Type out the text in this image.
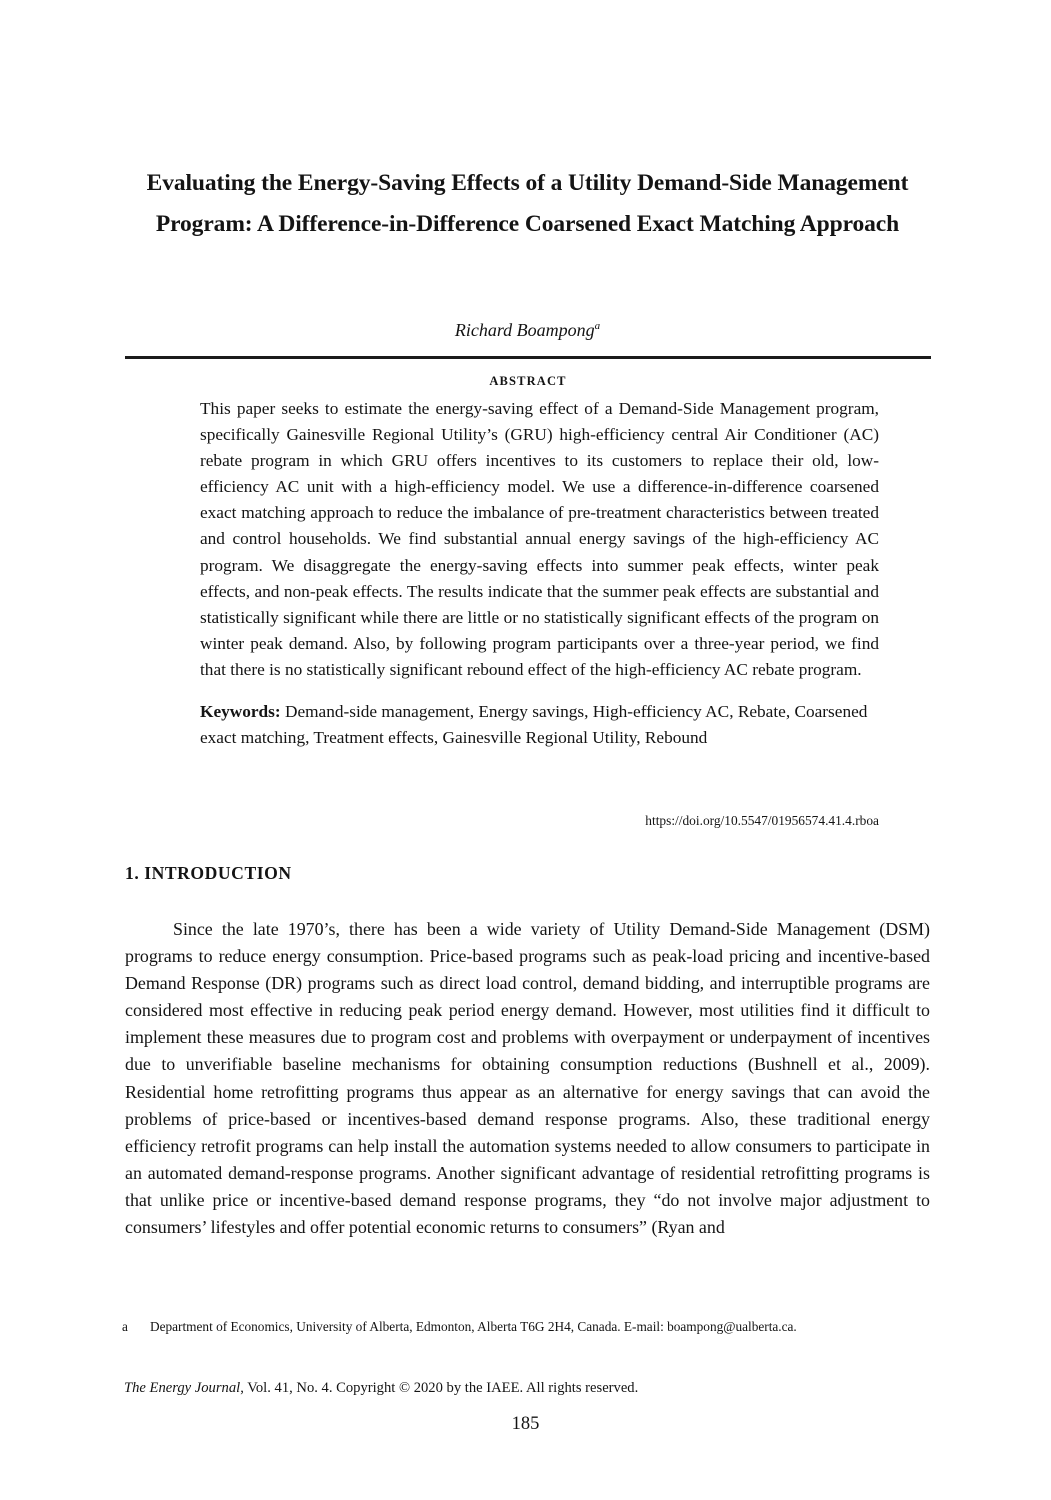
Evaluating the Energy-Saving Effects of a Utility Demand-Side Management Program: A Difference-in-Difference Coarsened Exact Matching Approach
Richard Boampong$^a$
ABSTRACT

This paper seeks to estimate the energy-saving effect of a Demand-Side Management program, specifically Gainesville Regional Utility’s (GRU) high-efficiency central Air Conditioner (AC) rebate program in which GRU offers incentives to its customers to replace their old, low-efficiency AC unit with a high-efficiency model. We use a difference-in-difference coarsened exact matching approach to reduce the imbalance of pre-treatment characteristics between treated and control households. We find substantial annual energy savings of the high-efficiency AC program. We disaggregate the energy-saving effects into summer peak effects, winter peak effects, and non-peak effects. The results indicate that the summer peak effects are substantial and statistically significant while there are little or no statistically significant effects of the program on winter peak demand. Also, by following program participants over a three-year period, we find that there is no statistically significant rebound effect of the high-efficiency AC rebate program.

Keywords: Demand-side management, Energy savings, High-efficiency AC, Rebate, Coarsened exact matching, Treatment effects, Gainesville Regional Utility, Rebound

https://doi.org/10.5547/01956574.41.4.rboa
1. INTRODUCTION

Since the late 1970’s, there has been a wide variety of Utility Demand-Side Management (DSM) programs to reduce energy consumption. Price-based programs such as peak-load pricing and incentive-based Demand Response (DR) programs such as direct load control, demand bidding, and interruptible programs are considered most effective in reducing peak period energy demand. However, most utilities find it difficult to implement these measures due to program cost and problems with overpayment or underpayment of incentives due to unverifiable baseline mechanisms for obtaining consumption reductions (Bushnell et al., 2009). Residential home retrofitting programs thus appear as an alternative for energy savings that can avoid the problems of price-based or incentives-based demand response programs. Also, these traditional energy efficiency retrofit programs can help install the automation systems needed to allow consumers to participate in an automated demand-response programs. Another significant advantage of residential retrofitting programs is that unlike price or incentive-based demand response programs, they “do not involve major adjustment to consumers’ lifestyles and offer potential economic returns to consumers” (Ryan and

a	Department of Economics, University of Alberta, Edmonton, Alberta T6G 2H4, Canada. E-mail: boampong@ualberta.ca.
The Energy Journal, Vol. 41, No. 4. Copyright © 2020 by the IAEE. All rights reserved.
185
